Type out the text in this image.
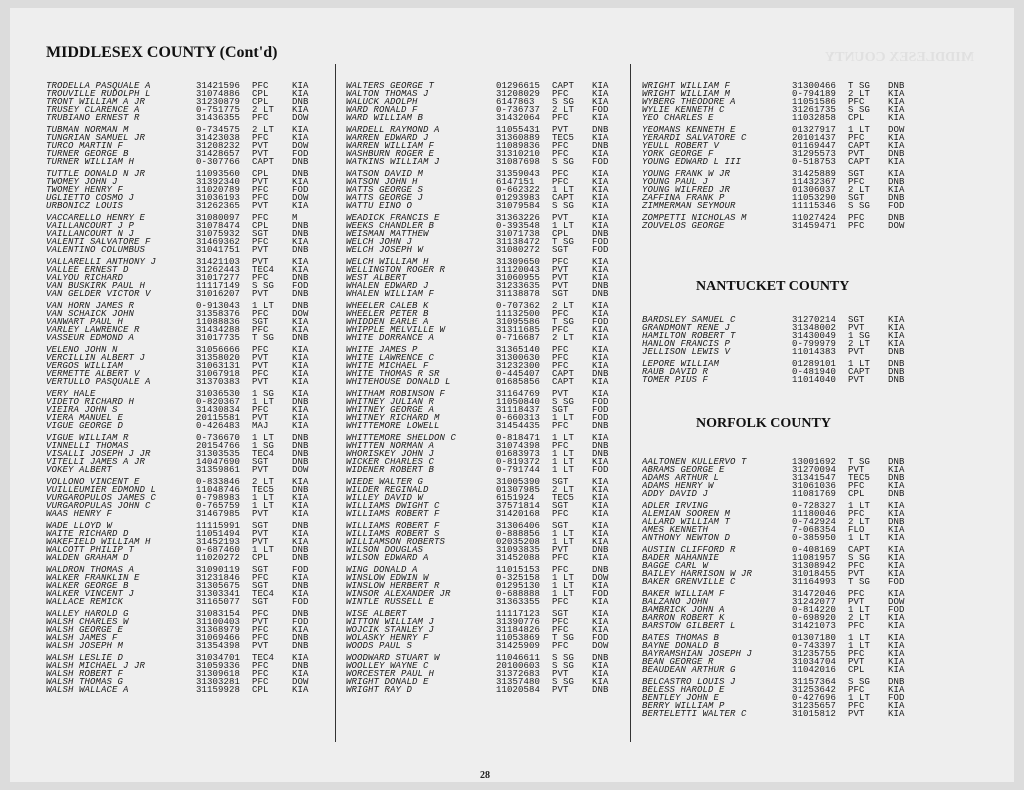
MIDDLESEX COUNTY (Cont'd)	MIDDLESEX COUNTY
TRODELLA PASQUALE A	31421596	PFC	KIA
TROUVILLE RUDOLPH L	31074886	CPL	KIA
TRONT WILLIAM A JR	31230879	CPL	DNB
TRUSEY CLARENCE A	0-751775	2 LT	KIA
TRUBIANO ERNEST R	31436355	PFC	DOW
TUBMAN NORMAN M	0-734575	2 LT	KIA
TUNGRIAN SAMUEL JR	31423038	PFC	KIA
TURCO MARTIN F	31208232	PVT	DOW
TURNER GEORGE B	31428657	PVT	FOD
TURNER WILLIAM H	0-307766	CAPT	DNB
TUTTLE DONALD N JR	11093560	CPL	DNB
TWOMEY JOHN J	31392340	PVT	KIA
TWOMEY HENRY F	11020789	PFC	FOD
UGLIETTO COSMO J	31036193	PFC	DOW
URBONICZ LOUIS	31262365	PVT	KIA
VACCARELLO HENRY E	31080097	PFC	M
VAILLANCOURT J P	31078474	CPL	DNB
VAILLANCOURT N J	31075932	SGT	DNB
VALENTI SALVATORE F	31469362	PFC	KIA
VALENTINO COLUMBUS	31041751	PVT	DNB
VALLARELLI ANTHONY J	31421103	PVT	KIA
VALLEE ERNEST D	31262443	TEC4	KIA
VALYOU RICHARD	31017277	PFC	DNB
VAN BUSKIRK PAUL H	11117149	S SG	FOD
VAN GELDER VICTOR V	31016207	PVT	DNB
VAN HORN JAMES R	0-913043	1 LT	DNB
VAN SCHAICK JOHN	31358376	PFC	DOW
VANWART PAUL H	11088836	SGT	KIA
VARLEY LAWRENCE R	31434288	PFC	KIA
VASSEUR EDMOND A	31017735	T SG	DNB
VELENO JOHN N	31056666	PFC	KIA
VERCILLIN ALBERT J	31358020	PVT	KIA
VERGOS WILLIAM	31063131	PVT	KIA
VERMETTE ALBERT V	31067918	PFC	KIA
VERTULLO PASQUALE A	31370383	PVT	KIA
VERY HALE	31036530	1 SG	KIA
VIDETO RICHARD H	0-820367	1 LT	DNB
VIEIRA JOHN S	31430834	PFC	KIA
VIERA MANUEL E	20115581	PVT	KIA
VIGUE GEORGE D	0-426483	MAJ	KIA
VIGUE WILLIAM R	0-736670	1 LT	DNB
VINNELLI THOMAS	20154766	1 SG	DNB
VISALLI JOSEPH J JR	31303535	TEC4	DNB
VITELLI JAMES A JR	14047690	SGT	DNB
VOKEY ALBERT	31359861	PVT	DOW
VOLLONO VINCENT E	0-833846	2 LT	KIA
VUILLEUMIER EDMOND L	11048746	TEC5	DNB
VURGAROPULOS JAMES C	0-798983	1 LT	KIA
VURGAROPULAS JOHN C	0-765759	1 LT	KIA
WAAS HENRY F	31467985	PVT	KIA
WADE LLOYD W	11115991	SGT	DNB
WAITE RICHARD D	11051494	PVT	KIA
WAKEFIELD WILLIAM H	31452193	PVT	KIA
WALCOTT PHILIP T	0-687460	1 LT	DNB
WALDEN GRAHAM D	11020272	CPL	DNB
WALDRON THOMAS A	31090119	SGT	FOD
WALKER FRANKLIN E	31231846	PFC	KIA
WALKER GEORGE B	31305675	SGT	DNB
WALKER VINCENT J	31303341	TEC4	KIA
WALLACE REMICK	31165077	SGT	FOD
WALLEY HAROLD G	31083154	PFC	DNB
WALSH CHARLES W	31100403	PVT	FOD
WALSH GEORGE E	31368979	PFC	KIA
WALSH JAMES F	31069466	PFC	DNB
WALSH JOSEPH M	31354398	PVT	DNB
WALSH LESLIE D	31034701	TEC4	KIA
WALSH MICHAEL J JR	31059336	PFC	DNB
WALSH ROBERT F	31309618	PFC	KIA
WALSH THOMAS G	31303281	PFC	DOW
WALSH WALLACE A	31159928	CPL	KIA
WALTERS GEORGE T	01296615	CAPT	KIA
WALTON THOMAS J	31208029	PFC	KIA
WALUCK ADOLPH	6147863	S SG	KIA
WARD RONALD F	0-736737	2 LT	FOD
WARD WILLIAM B	31432064	PFC	KIA
WARDELL RAYMOND A	11055431	PVT	DNB
WARREN EDWARD J	31360889	TEC5	KIA
WARREN WILLIAM F	11089836	PFC	DNB
WASHBURN ROGER E	31310210	PFC	KIA
WATKINS WILLIAM J	31087698	S SG	FOD
WATSON DAVID M	31359043	PFC	KIA
WATSON JOHN H	6147151	PFC	KIA
WATTS GEORGE S	0-662322	1 LT	KIA
WATTS GEORGE J	01293983	CAPT	KIA
WATTU EINO O	31079584	S SG	KIA
WEADICK FRANCIS E	31363226	PVT	KIA
WEEKS CHANDLER B	0-393548	1 LT	KIA
WEISMAN MATTHEW	31071738	CPL	DNB
WELCH JOHN J	31138472	T SG	FOD
WELCH JOSEPH W	31080272	SGT	FOD
WELCH WILLIAM H	31309650	PFC	KIA
WELLINGTON ROGER R	11120043	PVT	KIA
WEST ALBERT	31060955	PVT	KIA
WHALEN EDWARD J	31233635	PVT	DNB
WHALEN WILLIAM F	31138878	SGT	DNB
WHEELER CALEB K	0-707362	2 LT	KIA
WHEELER PETER B	11132500	PFC	KIA
WHIDDEN EARLE A	31095586	T SG	FOD
WHIPPLE MELVILLE W	31311685	PFC	KIA
WHITE DORRANCE A	0-716687	2 LT	KIA
WHITE JAMES P	31365140	PFC	KIA
WHITE LAWRENCE C	31300630	PFC	KIA
WHITE MICHAEL F	31232300	PFC	KIA
WHITE THOMAS R SR	0-445407	CAPT	DNB
WHITEHOUSE DONALD L	01685856	CAPT	KIA
WHITHAM ROBINSON F	31164769	PVT	KIA
WHITNEY JULIAN R	11050840	S SG	FOD
WHITNEY GEORGE A	31118437	SGT	FOD
WHITNEY RICHARD M	0-660313	1 LT	FOD
WHITTEMORE LOWELL	31454435	PFC	DNB
WHITTEMORE SHELDON C	0-818471	1 LT	KIA
WHITTEN NORMAN A	31074398	PFC	DNB
WHORISKEY JOHN J	01683973	1 LT	DNB
WICKER CHARLES C	0-819372	1 LT	KIA
WIDENER ROBERT B	0-791744	1 LT	FOD
WIEDE WALTER G	31005390	SGT	KIA
WILDER REGINALD	01307985	2 LT	KIA
WILLEY DAVID W	6151924	TEC5	KIA
WILLIAMS DWIGHT C	37571814	SGT	KIA
WILLIAMS ROBERT F	31420168	PFC	KIA
WILLIAMS ROBERT F	31306406	SGT	KIA
WILLIAMS ROBERT S	0-888856	1 LT	KIA
WILLIAMSON ROBERTS	02035208	1 LT	KIA
WILSON DOUGLAS	31093835	PVT	DNB
WILSON EDWARD A	31452088	PFC	KIA
WING DONALD A	11015153	PFC	DNB
WINSLOW EDWIN W	0-325158	1 LT	DOW
WINSLOW HERBERT R	01295130	1 LT	KIA
WINSOR ALEXANDER JR	0-688888	1 LT	FOD
WINTLE RUSSELL E	31363355	PFC	KIA
WISE ALBERT	11117123	SGT	KIA
WITTON WILLIAM J	31390776	PFC	KIA
WOJCIK STANLEY J	31184826	PFC	KIA
WOLASKY HENRY F	11053869	T SG	FOD
WOODS PAUL S	31425909	PFC	DOW
WOODWARD STUART W	11046611	S SG	DNB
WOOLLEY WAYNE C	20100603	S SG	KIA
WORCESTER PAUL H	31372683	PVT	KIA
WRIGHT DONALD E	31357480	S SG	KIA
WRIGHT RAY D	11020584	PVT	DNB
WRIGHT WILLIAM F	31300466	T SG	DNB
WRIGHT WILLIAM M	0-794189	2 LT	KIA
WYBERG THEODORE A	11051586	PFC	KIA
WYLIE KENNETH C	31261735	S SG	KIA
YEO CHARLES E	11032858	CPL	KIA
YEOMANS KENNETH E	01327917	1 LT	DOW
YERARDI SALVATORE C	20101437	PFC	KIA
YEULL ROBERT V	01169447	CAPT	KIA
YORK GEORGE F	31295573	PVT	DNB
YOUNG EDWARD L III	0-518753	CAPT	KIA
YOUNG FRANK W JR	31425889	SGT	KIA
YOUNG PAUL J	11432367	PFC	DNB
YOUNG WILFRED JR	01306037	2 LT	KIA
ZAFFINA FRANK P	11053290	SGT	DNB
ZIMMERMAN SEYMOUR	11115346	S SG	FOD
ZOMPETTI NICHOLAS M	11027424	PFC	DNB
ZOUVELOS GEORGE	31459471	PFC	DOW
NANTUCKET COUNTY
BARDSLEY SAMUEL C	31270214	SGT	KIA
GRANDMONT RENE J	31348002	PVT	KIA
HAMILTON ROBERT T	31430049	1 SG	KIA
HANLON FRANCIS P	0-799979	2 LT	KIA
JELLISON LEWIS V	11014383	PVT	DNB
LEPORE WILLIAM	01289101	1 LT	DNB
RAUB DAVID R	0-481940	CAPT	DNB
TOMER PIUS F	11014040	PVT	DNB
NORFOLK COUNTY
AALTONEN KULLERVO T	13001692	T SG	DNB
ABRAMS GEORGE E	31270094	PVT	KIA
ADAMS ARTHUR L	31341547	TEC5	DNB
ADAMS HENRY W	31061036	PFC	KIA
ADDY DAVID J	11081769	CPL	DNB
ADLER IRVING	0-728327	1 LT	KIA
ALEMIAN SOOREN M	11180046	PFC	KIA
ALLARD WILLIAM T	0-742924	2 LT	DNB
AMES KENNETH	7-068354	FLO	KIA
ANTHONY NEWTON D	0-385950	1 LT	KIA
AUSTIN CLIFFORD R	0-408169	CAPT	KIA
BADER NAHANNIE	11081957	S SG	KIA
BAGGE CARL W	31308942	PFC	KIA
BAILEY HARRISON W JR	31018455	PVT	KIA
BAKER GRENVILLE C	31164993	T SG	FOD
BAKER WILLIAM F	31472046	PFC	KIA
BALZANO JOHN	31242077	PVT	DOW
BAMBRICK JOHN A	0-814220	1 LT	FOD
BARRON ROBERT K	0-698920	2 LT	KIA
BARSTOW GILBERT L	31421073	PFC	KIA
BATES THOMAS B	01307180	1 LT	KIA
BAYNE DONALD B	0-743397	1 LT	KIA
BAYRAMSHIAN JOSEPH J	31235755	PFC	KIA
BEAN GEORGE R	31034704	PVT	KIA
BEAUDEAN ARTHUR G	11042016	CPL	KIA
BELCASTRO LOUIS J	31157364	S SG	DNB
BELESS HAROLD E	31253642	PFC	KIA
BENTLEY JOHN E	0-427696	1 LT	FOD
BERRY WILLIAM P	31235657	PFC	KIA
BERTELETTI WALTER C	31015812	PVT	KIA
28
